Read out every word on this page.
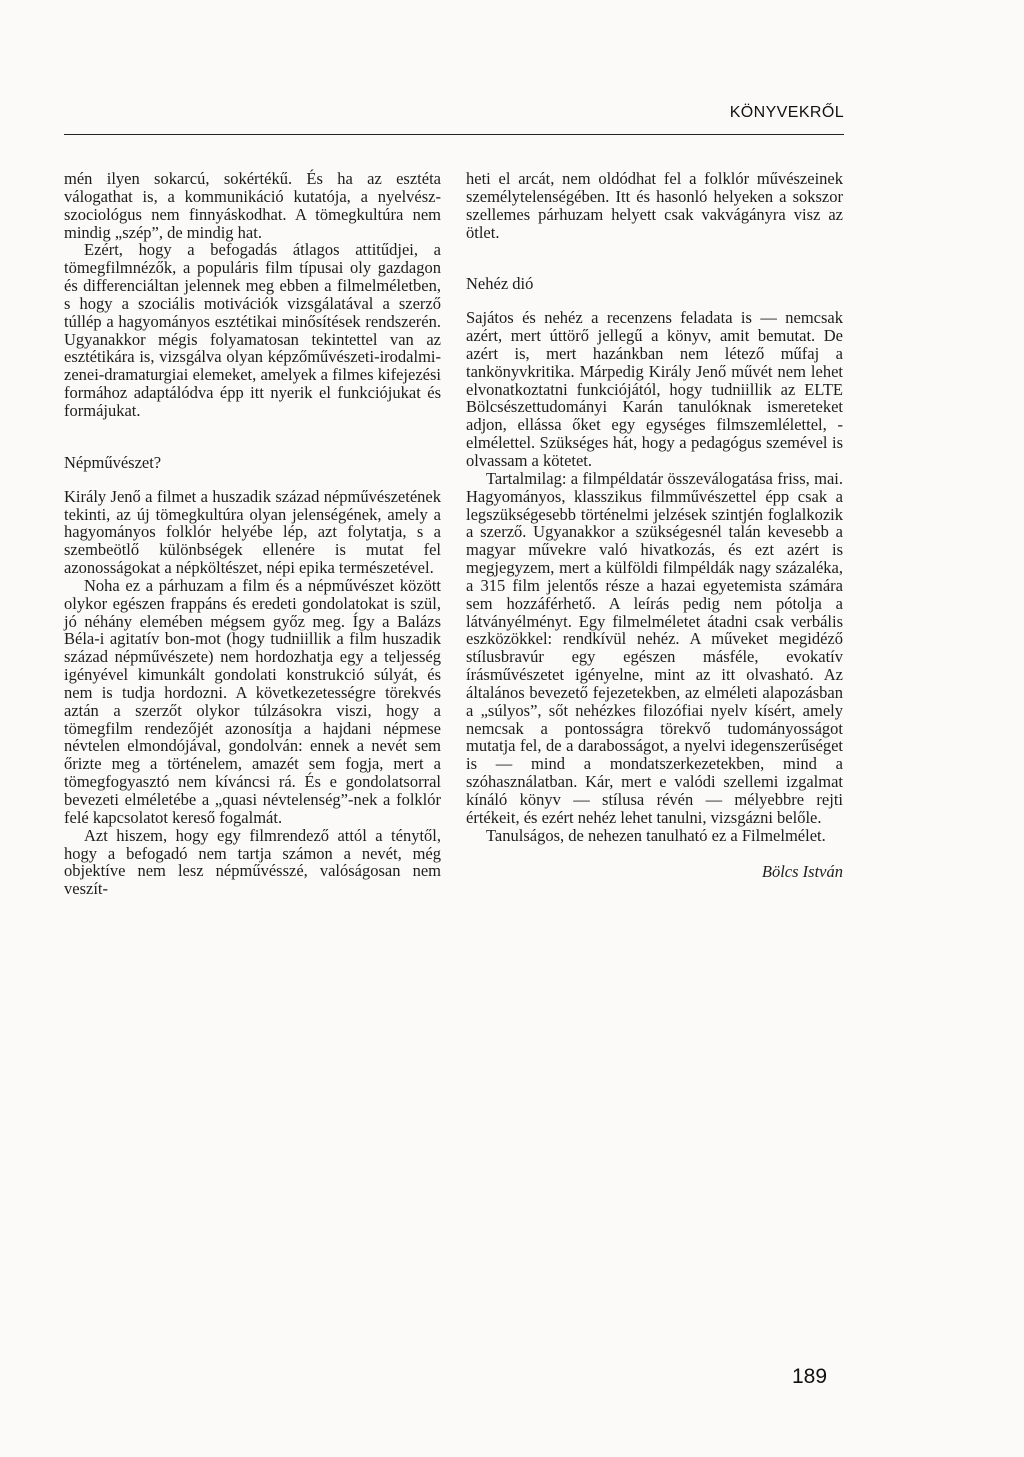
KÖNYVEKRŐL

mén ilyen sokarcú, sokértékű. És ha az esztéta válogathat is, a kommunikáció kutatója, a nyelvész-szociológus nem finnyáskodhat. A tömegkultúra nem mindig „szép”, de mindig hat.

Ezért, hogy a befogadás átlagos attitűdjei, a tömegfilmnézők, a populáris film típusai oly gazdagon és differenciáltan jelennek meg ebben a filmelméletben, s hogy a szociális motivációk vizsgálatával a szerző túllép a hagyományos esztétikai minősítések rendszerén. Ugyanakkor mégis folyamatosan tekintettel van az esztétikára is, vizsgálva olyan képzőművészeti-irodalmi-zenei-dramaturgiai elemeket, amelyek a filmes kifejezési formához adaptálódva épp itt nyerik el funkciójukat és formájukat.

Népművészet?

Király Jenő a filmet a huszadik század népművészetének tekinti, az új tömegkultúra olyan jelenségének, amely a hagyományos folklór helyébe lép, azt folytatja, s a szembeötlő különbségek ellenére is mutat fel azonosságokat a népköltészet, népi epika természetével.

Noha ez a párhuzam a film és a népművészet között olykor egészen frappáns és eredeti gondolatokat is szül, jó néhány elemében mégsem győz meg. Így a Balázs Béla-i agitatív bon-mot (hogy tudniillik a film huszadik század népművészete) nem hordozhatja egy a teljesség igényével kimunkált gondolati konstrukció súlyát, és nem is tudja hordozni. A következetességre törekvés aztán a szerzőt olykor túlzásokra viszi, hogy a tömegfilm rendezőjét azonosítja a hajdani népmese névtelen elmondójával, gondolván: ennek a nevét sem őrizte meg a történelem, amazét sem fogja, mert a tömegfogyasztó nem kíváncsi rá. És e gondolatsorral bevezeti elméletébe a „quasi névtelenség”-nek a folklór felé kapcsolatot kereső fogalmát.

Azt hiszem, hogy egy filmrendező attól a ténytől, hogy a befogadó nem tartja számon a nevét, még objektíve nem lesz népművésszé, valóságosan nem veszít-

heti el arcát, nem oldódhat fel a folklór művészeinek személytelenségében. Itt és hasonló helyeken a sokszor szellemes párhuzam helyett csak vakvágányra visz az ötlet.

Nehéz dió

Sajátos és nehéz a recenzens feladata is — nemcsak azért, mert úttörő jellegű a könyv, amit bemutat. De azért is, mert hazánkban nem létező műfaj a tankönyvkritika. Márpedig Király Jenő művét nem lehet elvonatkoztatni funkciójától, hogy tudniillik az ELTE Bölcsészettudományi Karán tanulóknak ismereteket adjon, ellássa őket egy egységes filmszemlélettel, -elmélettel. Szükséges hát, hogy a pedagógus szemével is olvassam a kötetet.

Tartalmilag: a filmpéldatár összeválogatása friss, mai. Hagyományos, klasszikus filmművészettel épp csak a legszükségesebb történelmi jelzések szintjén foglalkozik a szerző. Ugyanakkor a szükségesnél talán kevesebb a magyar művekre való hivatkozás, és ezt azért is megjegyzem, mert a külföldi filmpéldák nagy százaléka, a 315 film jelentős része a hazai egyetemista számára sem hozzáférhető. A leírás pedig nem pótolja a látványélményt. Egy filmelméletet átadni csak verbális eszközökkel: rendkívül nehéz. A műveket megidéző stílusbravúr egy egészen másféle, evokatív írásművészetet igényelne, mint az itt olvasható. Az általános bevezető fejezetekben, az elméleti alapozásban a „súlyos”, sőt nehézkes filozófiai nyelv kísért, amely nemcsak a pontosságra törekvő tudományosságot mutatja fel, de a darabosságot, a nyelvi idegenszerűséget is — mind a mondatszerkezetekben, mind a szóhasználatban. Kár, mert e valódi szellemi izgalmat kínáló könyv — stílusa révén — mélyebbre rejti értékeit, és ezért nehéz lehet tanulni, vizsgázni belőle.

Tanulságos, de nehezen tanulható ez a Filmelmélet.

Bölcs István
189
